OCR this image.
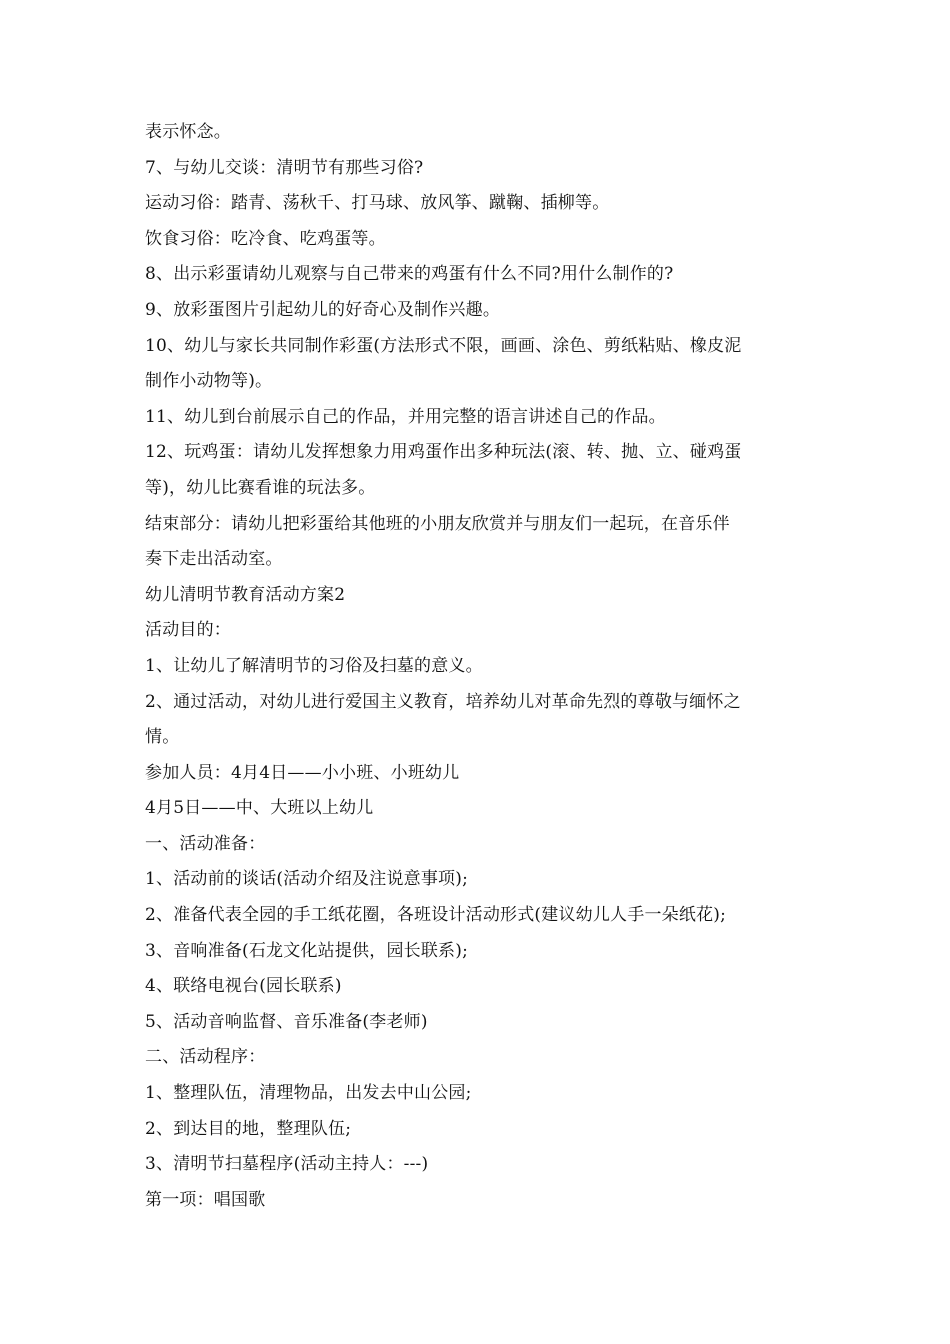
表示怀念。
7、与幼儿交谈：清明节有那些习俗?
运动习俗：踏青、荡秋千、打马球、放风筝、蹴鞠、插柳等。
饮食习俗：吃冷食、吃鸡蛋等。
8、出示彩蛋请幼儿观察与自己带来的鸡蛋有什么不同?用什么制作的?
9、放彩蛋图片引起幼儿的好奇心及制作兴趣。
10、幼儿与家长共同制作彩蛋(方法形式不限，画画、涂色、剪纸粘贴、橡皮泥
制作小动物等)。
11、幼儿到台前展示自己的作品，并用完整的语言讲述自己的作品。
12、玩鸡蛋：请幼儿发挥想象力用鸡蛋作出多种玩法(滚、转、抛、立、碰鸡蛋
等)，幼儿比赛看谁的玩法多。
结束部分：请幼儿把彩蛋给其他班的小朋友欣赏并与朋友们一起玩，在音乐伴
奏下走出活动室。
幼儿清明节教育活动方案2
活动目的：
1、让幼儿了解清明节的习俗及扫墓的意义。
2、通过活动，对幼儿进行爱国主义教育，培养幼儿对革命先烈的尊敬与缅怀之
情。
参加人员：4月4日——小小班、小班幼儿
4月5日——中、大班以上幼儿
一、活动准备：
1、活动前的谈话(活动介绍及注说意事项);
2、准备代表全园的手工纸花圈，各班设计活动形式(建议幼儿人手一朵纸花);
3、音响准备(石龙文化站提供，园长联系);
4、联络电视台(园长联系)
5、活动音响监督、音乐准备(李老师)
二、活动程序：
1、整理队伍，清理物品，出发去中山公园;
2、到达目的地，整理队伍;
3、清明节扫墓程序(活动主持人：---)
第一项：唱国歌
